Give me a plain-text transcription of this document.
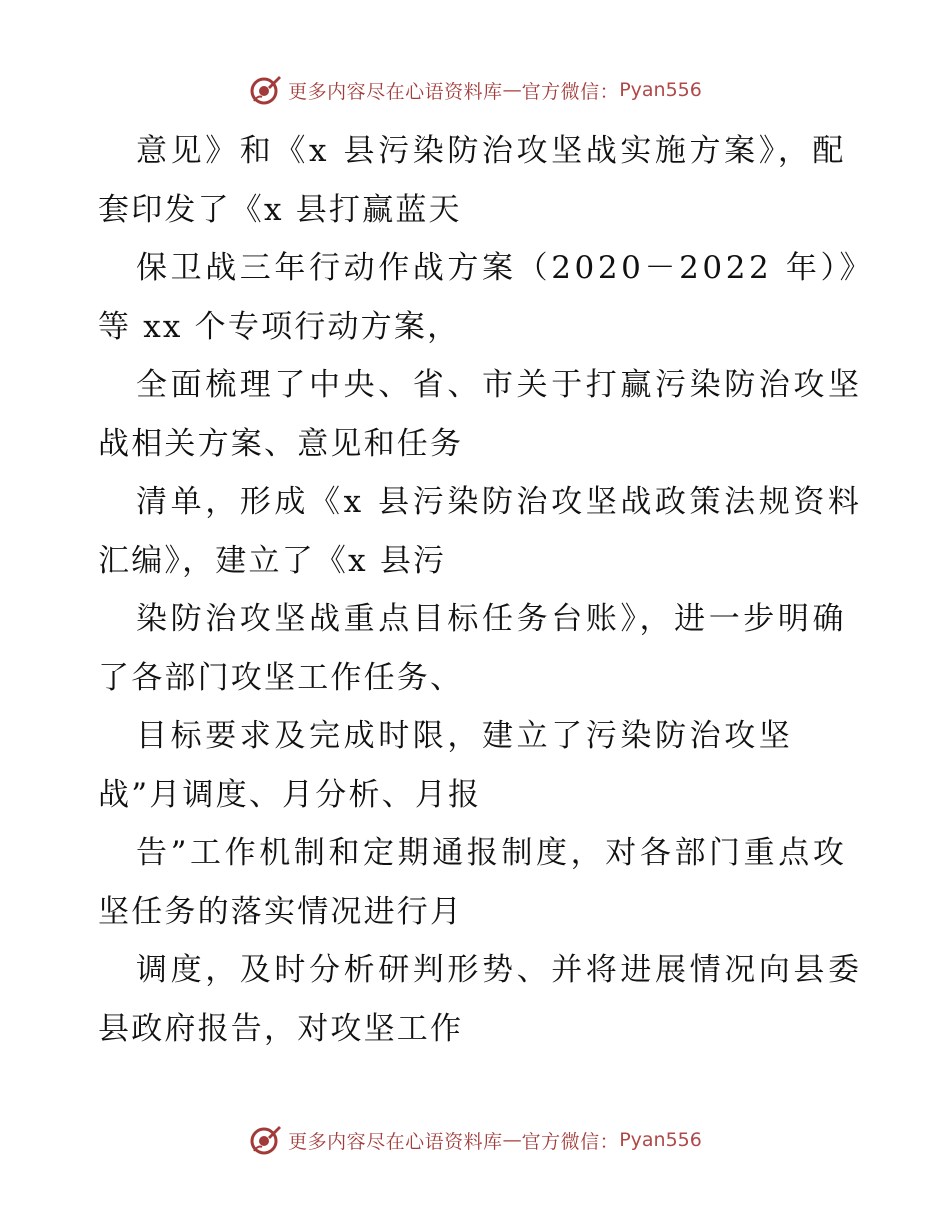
更多内容尽在心语资料库 — 官方微信： Pyan556
意见》和《x 县污染防治攻坚战实施方案》，配
套印发了《x 县打赢蓝天
保卫战三年行动作战方案（2020－2022 年）》
等 xx 个专项行动方案，
全面梳理了中央、省、市关于打赢污染防治攻坚
战相关方案、意见和任务
清单，形成《x 县污染防治攻坚战政策法规资料
汇编》，建立了《x 县污
染防治攻坚战重点目标任务台账》，进一步明确
了各部门攻坚工作任务、
目标要求及完成时限，建立了污染防治攻坚
战”月调度、月分析、月报
告”工作机制和定期通报制度，对各部门重点攻
坚任务的落实情况进行月
调度，及时分析研判形势、并将进展情况向县委
县政府报告，对攻坚工作
更多内容尽在心语资料库 — 官方微信： Pyan556
